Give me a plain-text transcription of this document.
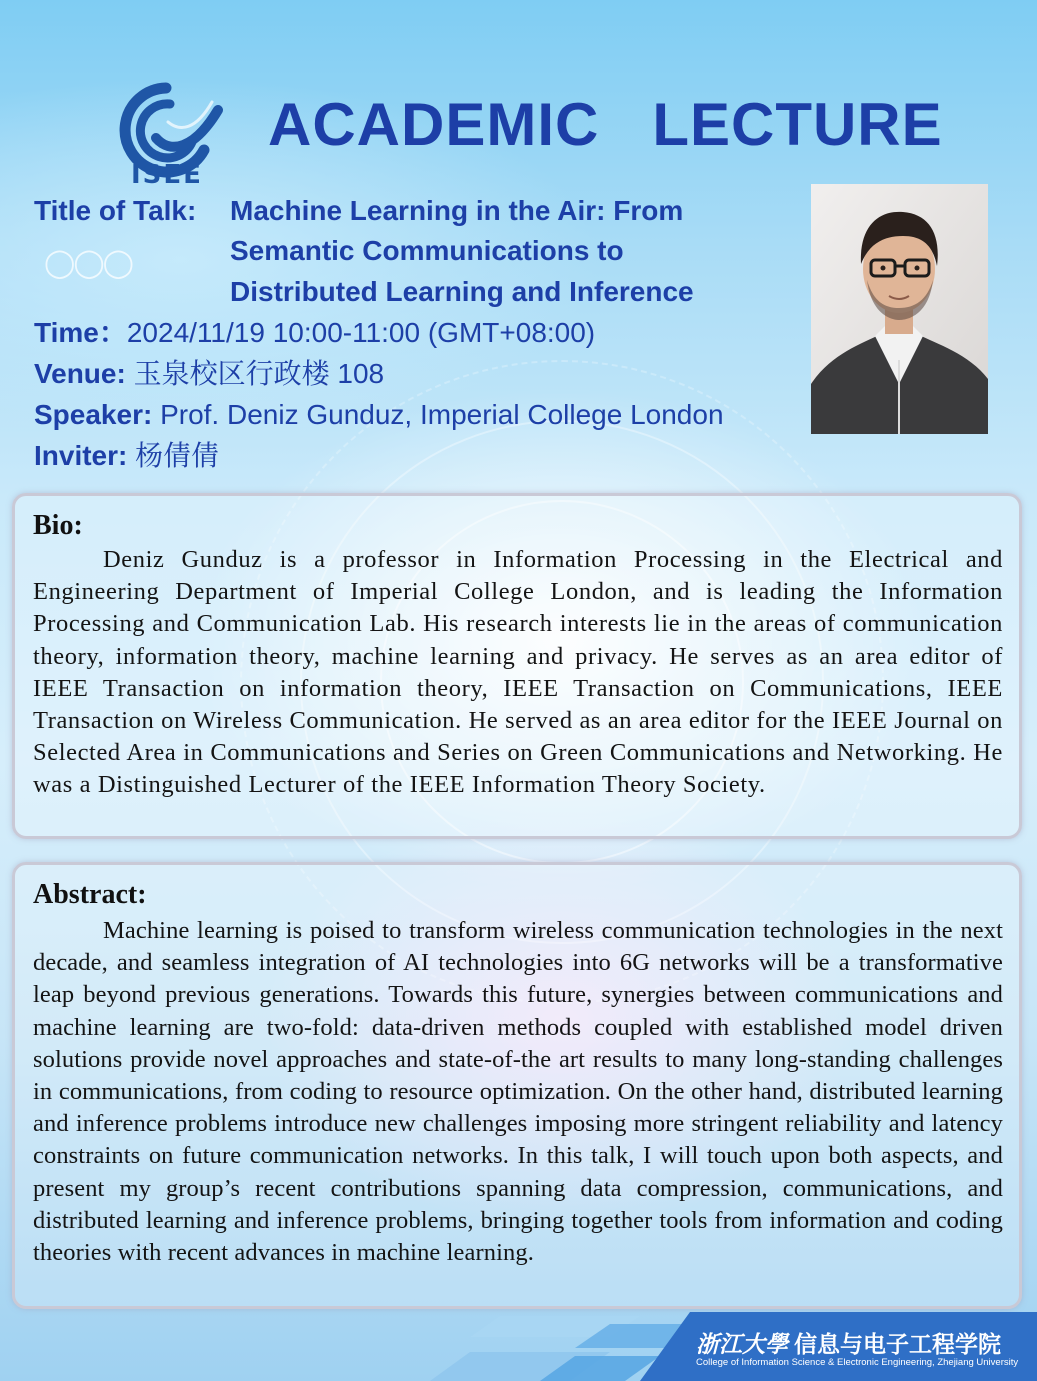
◯◯◯
ISEE
ACADEMIC   LECTURE
Title of Talk: Machine Learning in the Air: From
Semantic Communications to
Distributed Learning and Inference
Time：2024/11/19 10:00-11:00 (GMT+08:00)
Venue: 玉泉校区行政楼 108
Speaker: Prof. Deniz Gunduz, Imperial College London
Inviter: 杨倩倩
Bio:

Deniz Gunduz is a professor in Information Processing in the Electrical and Engineering Department of Imperial College London, and is leading the Information Processing and Communication Lab. His research interests lie in the areas of communication theory, information theory, machine learning and privacy. He serves as an area editor of IEEE Transaction on information theory, IEEE Transaction on Communications, IEEE Transaction on Wireless Communication. He served as an area editor for the IEEE Journal on Selected Area in Communications and Series on Green Communications and Networking. He was a Distinguished Lecturer of the IEEE Information Theory Society.

Abstract:

Machine learning is poised to transform wireless communication technologies in the next decade, and seamless integration of AI technologies into 6G networks will be a transformative leap beyond previous generations. Towards this future, synergies between communications and machine learning are two-fold: data-driven methods coupled with established model driven solutions provide novel approaches and state-of-the art results to many long-standing challenges in communications, from coding to resource optimization. On the other hand, distributed learning and inference problems introduce new challenges imposing more stringent reliability and latency constraints on future communication networks. In this talk, I will touch upon both aspects, and present my group’s recent contributions spanning data compression, communications, and distributed learning and inference problems, bringing together tools from information and coding theories with recent advances in machine learning.

浙江大學 信息与电子工程学院
College of Information Science & Electronic Engineering, Zhejiang University
